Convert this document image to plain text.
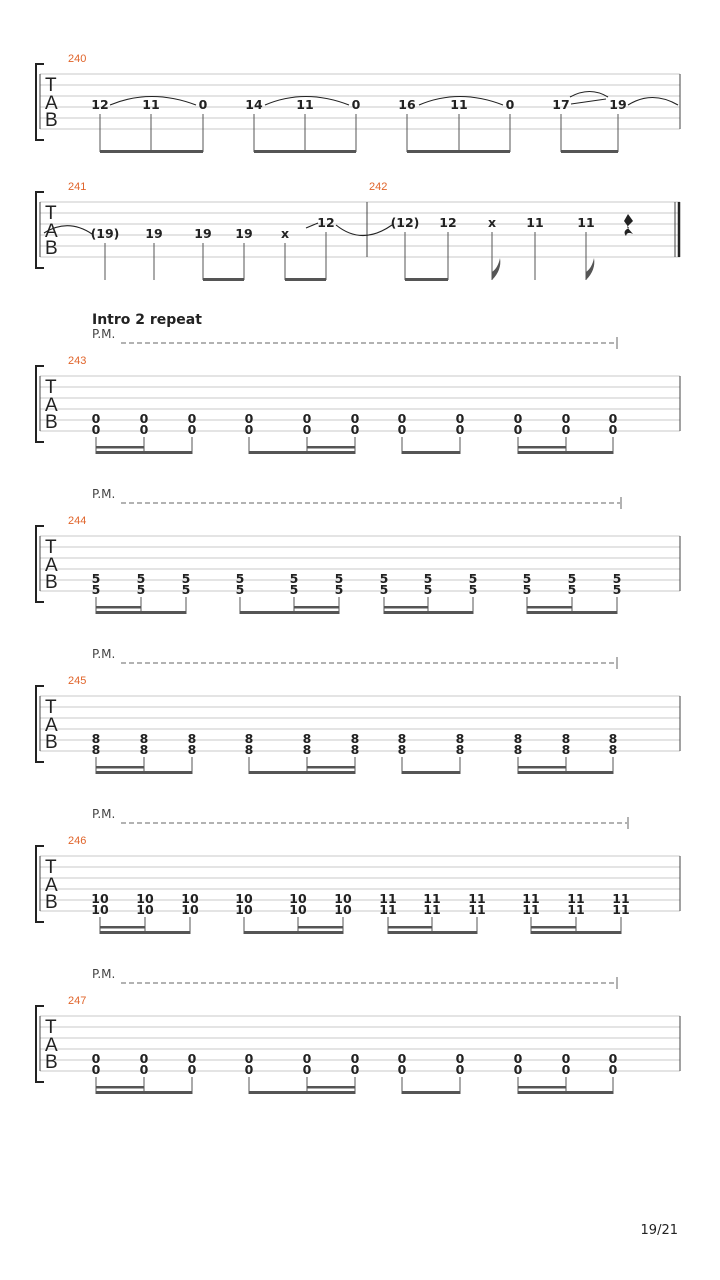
T
A
B
240
12	11	0	14	11	0	16	11	0	17	19
T
A
B
241	242
(19) 19	19 19 x
12	(12) 12	x 11	11
Intro 2 repeat
P.M.
T
A
B
243
0
0
0
0
0
0
0
0
0
0
0
0
0
0
0
0
0
0
0
0
0
0
P.M.
T
A
B
244
5
5
5
5
5
5
5
5
5
5
5
5
5
5
5
5
5
5
5
5
5
5
5
5
P.M.
T
A
B
245
8
8
8
8
8
8
8
8
8
8
8
8
8
8
8
8
8
8
8
8
8
8
P.M.
T
A
B
246
10
10
10
10
10
10
10
10
10
10
10
10
11
11
11
11
11
11
11
11
11
11
11
11
P.M.
T
A
B
247
0
0
0
0
0
0
0
0
0
0
0
0
0
0
0
0
0
0
0
0
0
0
19/21
